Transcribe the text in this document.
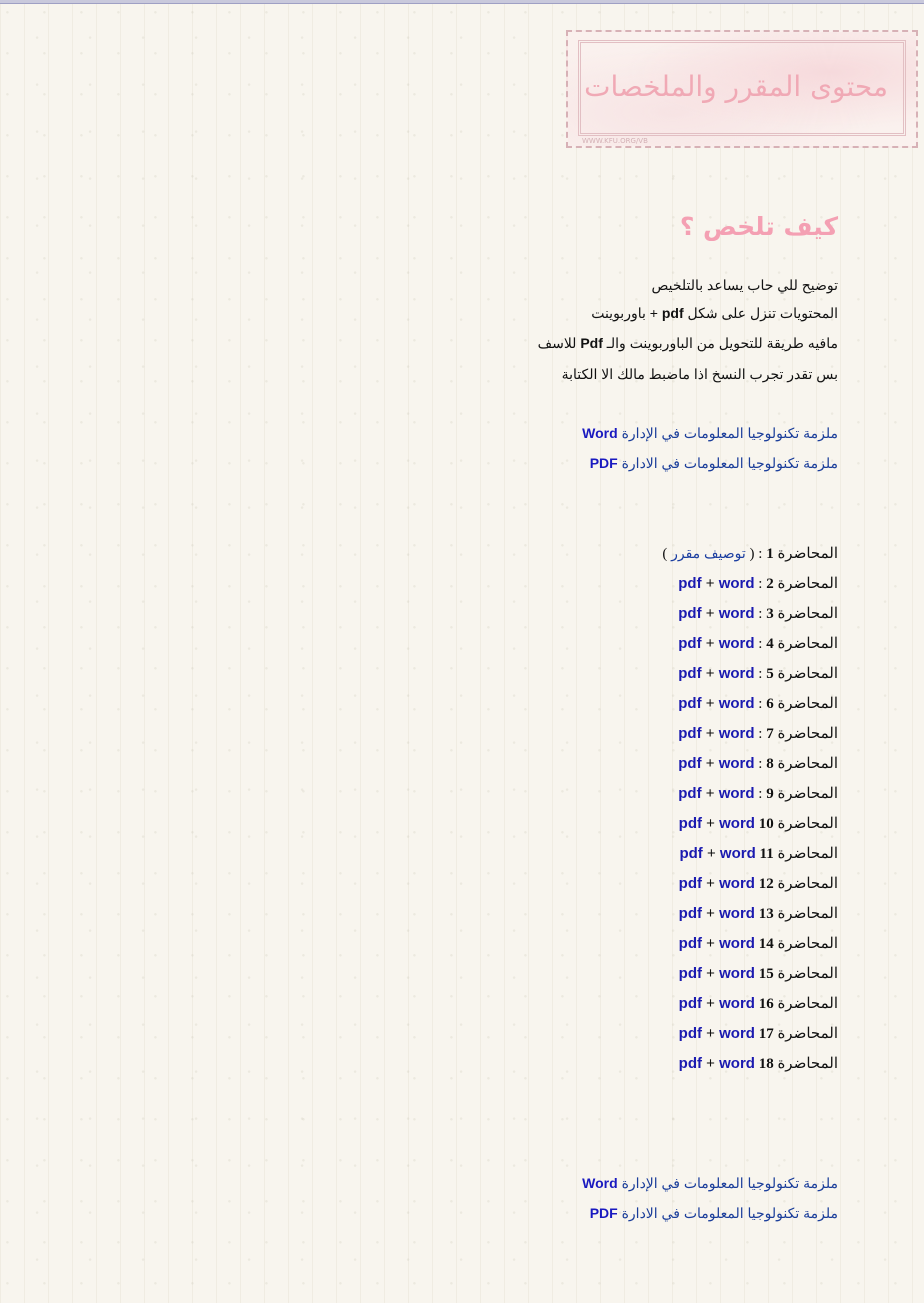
محتوى المقرر والملخصات
WWW.KFU.ORG/VB
كيف تلخص ؟
توضيح للي حاب يساعد بالتلخيص
المحتويات تنزل على شكل pdf + باوربوينت
مافيه طريقة للتحويل من الباوربوينت والـ Pdf للاسف
بس تقدر تجرب النسخ اذا ماضبط مالك الا الكتابة
ملزمة تكنولوجيا المعلومات في الإدارة Word
ملزمة تكنولوجيا المعلومات في الادارة PDF
المحاضرة 1 : ( توصيف مقرر )
المحاضرة 2 : pdf + word
المحاضرة 3 : pdf + word
المحاضرة 4 : pdf + word
المحاضرة 5 : pdf + word
المحاضرة 6 : pdf + word
المحاضرة 7 : pdf + word
المحاضرة 8 : pdf + word
المحاضرة 9 : pdf + word
المحاضرة 10 pdf + word
المحاضرة 11 pdf + word
المحاضرة 12 pdf + word
المحاضرة 13 pdf + word
المحاضرة 14 pdf + word
المحاضرة 15 pdf + word
المحاضرة 16 pdf + word
المحاضرة 17 pdf + word
المحاضرة 18 pdf + word
ملزمة تكنولوجيا المعلومات في الإدارة Word
ملزمة تكنولوجيا المعلومات في الادارة PDF
